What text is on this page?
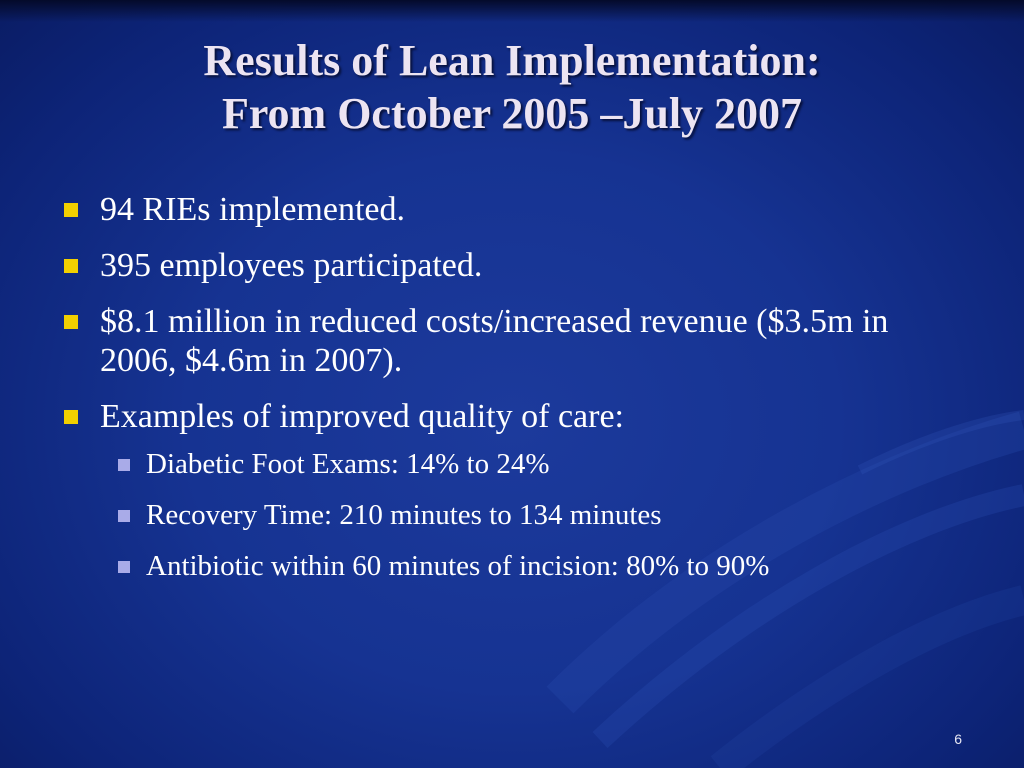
Results of Lean Implementation:
From October 2005 –July 2007
94 RIEs implemented.
395 employees participated.
$8.1 million in reduced costs/increased revenue ($3.5m in 2006, $4.6m in 2007).
Examples of improved quality of care:
Diabetic Foot Exams: 14% to 24%
Recovery Time: 210 minutes to 134 minutes
Antibiotic within 60 minutes of incision: 80% to 90%
6
